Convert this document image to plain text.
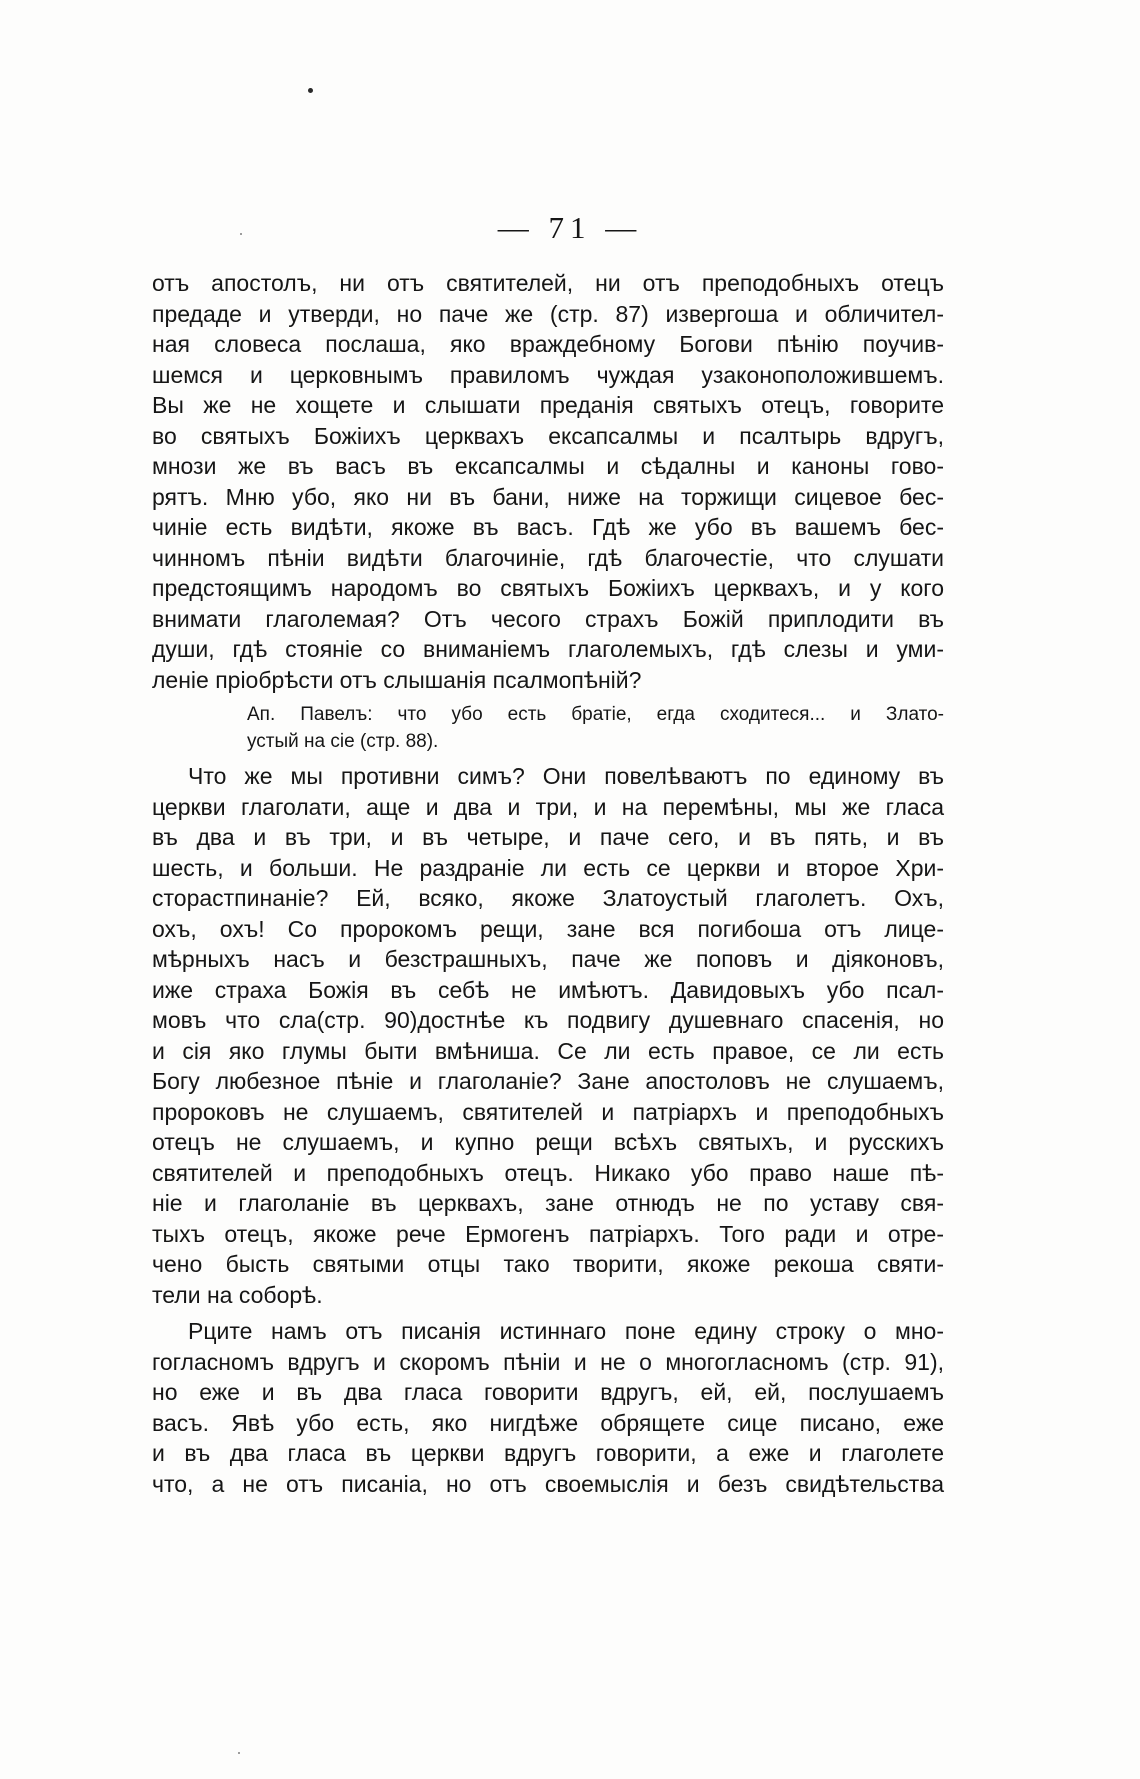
— 71 —
отъ апостолъ, ни отъ святителей, ни отъ преподобныхъ отецъ
предаде и утверди, но паче же (стр. 87) извергоша и обличител-
ная словеса послаша, яко враждебному Богови пѣнію поучив-
шемся и церковнымъ правиломъ чуждая узаконоположившемъ.
Вы же не хощете и слышати преданія святыхъ отецъ, говорите
во святыхъ Божіихъ церквахъ ексапсалмы и псалтырь вдругъ,
мнози же въ васъ въ ексапсалмы и сѣдалны и каноны гово-
рятъ. Мню убо, яко ни въ бани, ниже на торжищи сицевое бес-
чиніе есть видѣти, якоже въ васъ. Гдѣ же убо въ вашемъ бес-
чинномъ пѣніи видѣти благочиніе, гдѣ благочестіе, что слушати
предстоящимъ народомъ во святыхъ Божіихъ церквахъ, и у кого
внимати глаголемая? Отъ чесого страхъ Божій приплодити въ
души, гдѣ стояніе со вниманіемъ глаголемыхъ, гдѣ слезы и уми-
леніе пріобрѣсти отъ слышанія псалмопѣній?
Ап. Павелъ: что убо есть братіе, егда сходитеся... и Злато-
устый на сіе (стр. 88).
Что же мы противни симъ? Они повелѣваютъ по единому въ
церкви глаголати, аще и два и три, и на перемѣны, мы же гласа
въ два и въ три, и въ четыре, и паче сего, и въ пять, и въ
шесть, и больши. Не раздраніе ли есть се церкви и второе Хри-
сторастпинаніе? Ей, всяко, якоже Златоустый глаголетъ. Охъ,
охъ, охъ! Со пророкомъ рещи, зане вся погибоша отъ лице-
мѣрныхъ насъ и безстрашныхъ, паче же поповъ и діяконовъ,
иже страха Божія въ себѣ не имѣютъ. Давидовыхъ убо псал-
мовъ что сла(стр. 90)достнѣе къ подвигу душевнаго спасенія, но
и сія яко глумы быти вмѣниша. Се ли есть правое, се ли есть
Богу любезное пѣніе и глаголаніе? Зане апостоловъ не слушаемъ,
пророковъ не слушаемъ, святителей и патріархъ и преподобныхъ
отецъ не слушаемъ, и купно рещи всѣхъ святыхъ, и русскихъ
святителей и преподобныхъ отецъ. Никако убо право наше пѣ-
ніе и глаголаніе въ церквахъ, зане отнюдъ не по уставу свя-
тыхъ отецъ, якоже рече Ермогенъ патріархъ. Того ради и отре-
чено бысть святыми отцы тако творити, якоже рекоша святи-
тели на соборѣ.
Рците намъ отъ писанія истиннаго поне едину строку о мно-
гогласномъ вдругъ и скоромъ пѣніи и не о многогласномъ (стр. 91),
но еже и въ два гласа говорити вдругъ, ей, ей, послушаемъ
васъ. Явѣ убо есть, яко нигдѣже обрящете сице писано, еже
и въ два гласа въ церкви вдругъ говорити, а еже и глаголете
что, а не отъ писаніа, но отъ своемыслія и безъ свидѣтельства
